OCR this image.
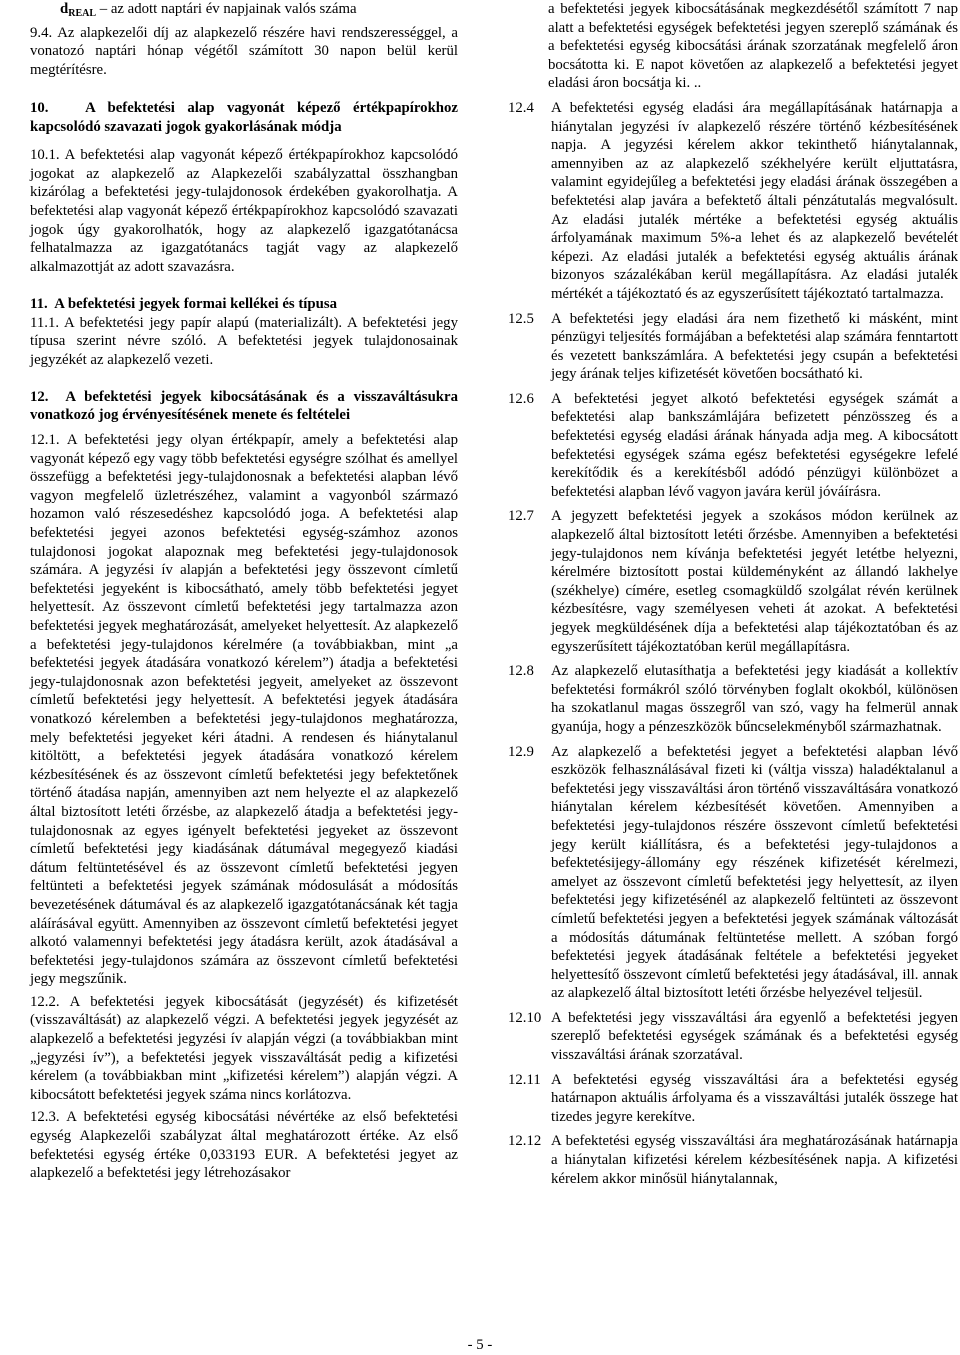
$d_{REAL}$ – az adott naptári év napjainak valós száma
9.4. Az alapkezelői díj az alapkezelő részére havi rendszerességgel, a vonatozó naptári hónap végétől számított 30 napon belül kerül megtérítésre.
10. A befektetési alap vagyonát képező értékpapírokhoz kapcsolódó szavazati jogok gyakorlásának módja
10.1. A befektetési alap vagyonát képező értékpapírokhoz kapcsolódó jogokat az alapkezelő az Alapkezelői szabályzattal összhangban kizárólag a befektetési jegy-tulajdonosok érdekében gyakorolhatja. A befektetési alap vagyonát képező értékpapírokhoz kapcsolódó szavazati jogok úgy gyakorolhatók, hogy az alapkezelő igazgatótanácsa felhatalmazza az igazgatótanács tagját vagy az alapkezelő alkalmazottját az adott szavazásra.
11. A befektetési jegyek formai kellékei és típusa
11.1. A befektetési jegy papír alapú (materializált). A befektetési jegy típusa szerint névre szóló. A befektetési jegyek tulajdonosainak jegyzékét az alapkezelő vezeti.
12. A befektetési jegyek kibocsátásának és a visszaváltásukra vonatkozó jog érvényesítésének menete és feltételei
12.1. A befektetési jegy olyan értékpapír, amely a befektetési alap vagyonát képező egy vagy több befektetési egységre szólhat és amellyel összefügg a befektetési jegy-tulajdonosnak a befektetési alapban lévő vagyon megfelelő üzletrészéhez, valamint a vagyonból származó hozamon való részesedéshez kapcsolódó joga. A befektetési alap befektetési jegyei azonos befektetési egység-számhoz azonos tulajdonosi jogokat alapoznak meg befektetési jegy-tulajdonosok számára. A jegyzési ív alapján a befektetési jegy összevont címletű befektetési jegyeként is kibocsátható, amely több befektetési jegyet helyettesít. Az összevont címletű befektetési jegy tartalmazza azon befektetési jegyek meghatározását, amelyeket helyettesít. Az alapkezelő a befektetési jegy-tulajdonos kérelmére (a továbbiakban, mint „a befektetési jegyek átadására vonatkozó kérelem”) átadja a befektetési jegy-tulajdonosnak azon befektetési jegyeit, amelyeket az összevont címletű befektetési jegy helyettesít. A befektetési jegyek átadására vonatkozó kérelemben a befektetési jegy-tulajdonos meghatározza, mely befektetési jegyeket kéri átadni. A rendesen és hiánytalanul kitöltött, a befektetési jegyek átadására vonatkozó kérelem kézbesítésének és az összevont címletű befektetési jegy befektetőnek történő átadása napján, amennyiben azt nem helyezte el az alapkezelő által biztosított letéti őrzésbe, az alapkezelő átadja a befektetési jegy-tulajdonosnak az egyes igényelt befektetési jegyeket az összevont címletű befektetési jegy kiadásának dátumával megegyező kiadási dátum feltüntetésével és az összevont címletű befektetési jegyen feltünteti a befektetési jegyek számának módosulását a módosítás bevezetésének dátumával és az alapkezelő igazgatótanácsának két tagja aláírásával együtt. Amennyiben az összevont címletű befektetési jegyet alkotó valamennyi befektetési jegy átadásra került, azok átadásával a befektetési jegy-tulajdonos számára az összevont címletű befektetési jegy megszűnik.
12.2. A befektetési jegyek kibocsátását (jegyzését) és kifizetését (visszaváltását) az alapkezelő végzi. A befektetési jegyek jegyzését az alapkezelő a befektetési jegyzési ív alapján végzi (a továbbiakban mint „jegyzési ív”), a befektetési jegyek visszaváltását pedig a kifizetési kérelem (a továbbiakban mint „kifizetési kérelem”) alapján végzi. A kibocsátott befektetési jegyek száma nincs korlátozva.
12.3. A befektetési egység kibocsátási névértéke az első befektetési egység Alapkezelői szabályzat által meghatározott értéke. Az első befektetési egység értéke 0,033193 EUR. A befektetési jegyet az alapkezelő a befektetési jegy létrehozásakor
a befektetési jegyek kibocsátásának megkezdésétől számított 7 nap alatt a befektetési egységek befektetési jegyen szereplő számának és a befektetési egység kibocsátási árának szorzatának megfelelő áron bocsátotta ki. E napot követően az alapkezelő a befektetési jegyet eladási áron bocsátja ki. ..
12.4 A befektetési egység eladási ára megállapításának határnapja a hiánytalan jegyzési ív alapkezelő részére történő kézbesítésének napja. A jegyzési kérelem akkor tekinthető hiánytalannak, amennyiben az az alapkezelő székhelyére került eljuttatásra, valamint egyidejűleg a befektetési jegy eladási árának összegében a befektetési alap javára a befektető általi pénzátutalás megvalósult. Az eladási jutalék mértéke a befektetési egység aktuális árfolyamának maximum 5%-a lehet és az alapkezelő bevételét képezi. Az eladási jutalék a befektetési egység aktuális árának bizonyos százalékában kerül megállapításra. Az eladási jutalék mértékét a tájékoztató és az egyszerűsített tájékoztató tartalmazza.
12.5 A befektetési jegy eladási ára nem fizethető ki másként, mint pénzügyi teljesítés formájában a befektetési alap számára fenntartott és vezetett bankszámlára. A befektetési jegy csupán a befektetési jegy árának teljes kifizetését követően bocsátható ki.
12.6 A befektetési jegyet alkotó befektetési egységek számát a befektetési alap bankszámlájára befizetett pénzösszeg és a befektetési egység eladási árának hányada adja meg. A kibocsátott befektetési egységek száma egész befektetési egységekre lefelé kerekítődik és a kerekítésből adódó pénzügyi különbözet a befektetési alapban lévő vagyon javára kerül jóváírásra.
12.7 A jegyzett befektetési jegyek a szokásos módon kerülnek az alapkezelő által biztosított letéti őrzésbe. Amennyiben a befektetési jegy-tulajdonos nem kívánja befektetési jegyét letétbe helyezni, kérelmére biztosított postai küldeményként az állandó lakhelye (székhelye) címére, esetleg csomagküldő szolgálat révén kerülnek kézbesítésre, vagy személyesen veheti át azokat. A befektetési jegyek megküldésének díja a befektetési alap tájékoztatóban és az egyszerűsített tájékoztatóban kerül megállapításra.
12.8 Az alapkezelő elutasíthatja a befektetési jegy kiadását a kollektív befektetési formákról szóló törvényben foglalt okokból, különösen ha szokatlanul magas összegről van szó, vagy ha felmerül annak gyanúja, hogy a pénzeszközök bűncselekményből származhatnak.
12.9 Az alapkezelő a befektetési jegyet a befektetési alapban lévő eszközök felhasználásával fizeti ki (váltja vissza) haladéktalanul a befektetési jegy visszaváltási áron történő visszaváltására vonatkozó hiánytalan kérelem kézbesítését követően. Amennyiben a befektetési jegy-tulajdonos részére összevont címletű befektetési jegy került kiállításra, és a befektetési jegy-tulajdonos a befektetésijegy-állomány egy részének kifizetését kérelmezi, amelyet az összevont címletű befektetési jegy helyettesít, az ilyen befektetési jegy kifizetésénél az alapkezelő feltünteti az összevont címletű befektetési jegyen a befektetési jegyek számának változását a módosítás dátumának feltüntetése mellett. A szóban forgó befektetési jegyek átadásának feltétele a befektetési jegyeket helyettesítő összevont címletű befektetési jegy átadásával, ill. annak az alapkezelő által biztosított letéti őrzésbe helyezével teljesül.
12.10 A befektetési jegy visszaváltási ára egyenlő a befektetési jegyen szereplő befektetési egységek számának és a befektetési egység visszaváltási árának szorzatával.
12.11 A befektetési egység visszaváltási ára a befektetési egység határnapon aktuális árfolyama és a visszaváltási jutalék összege hat tizedes jegyre kerekítve.
12.12 A befektetési egység visszaváltási ára meghatározásának határnapja a hiánytalan kifizetési kérelem kézbesítésének napja. A kifizetési kérelem akkor minősül hiánytalannak,
- 5 -
